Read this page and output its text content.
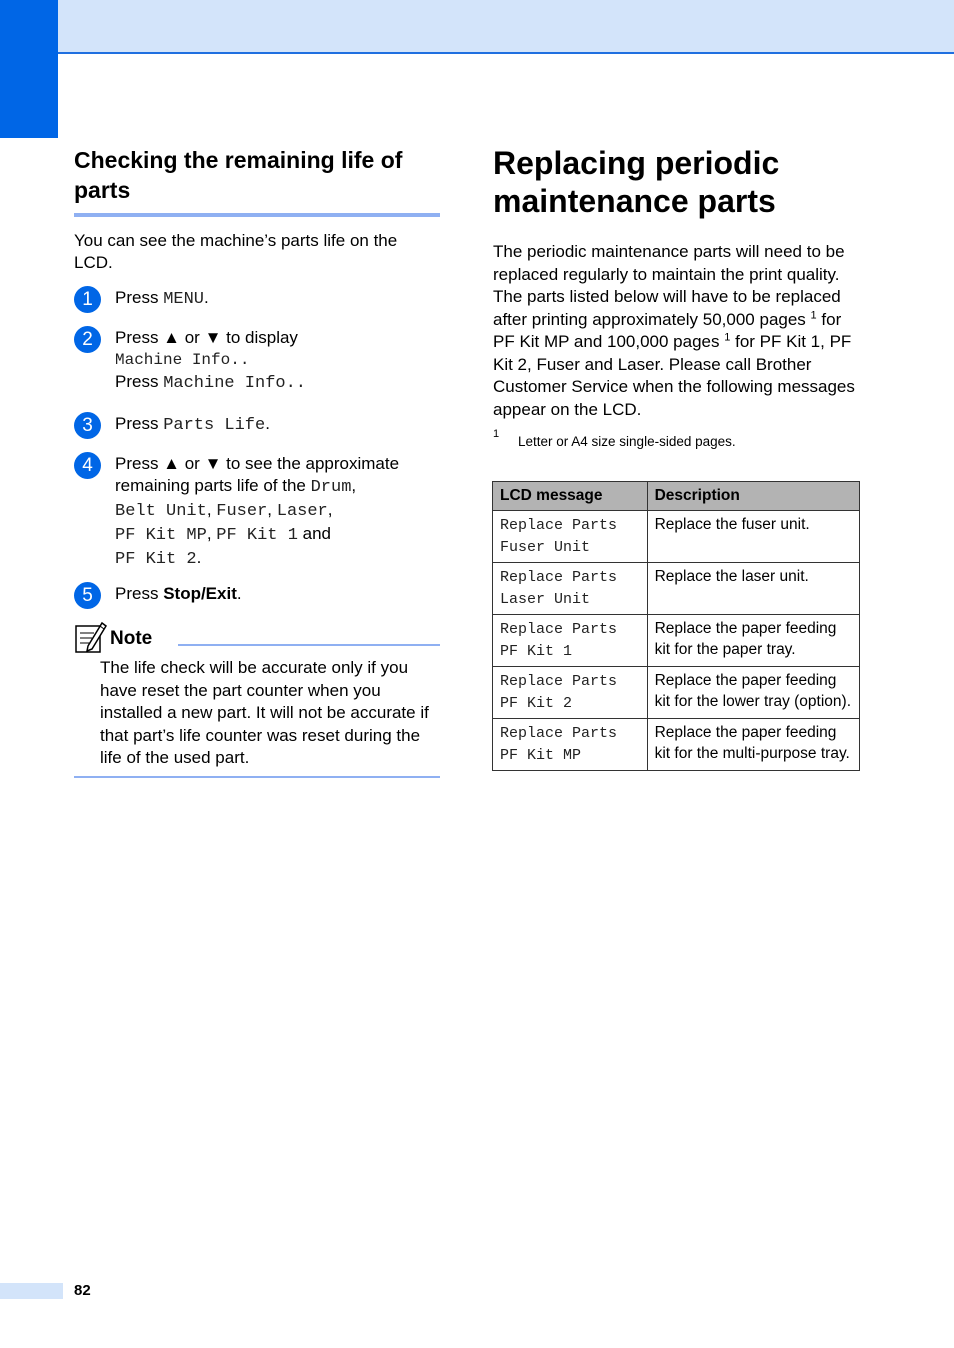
Checking the remaining life of parts
You can see the machine’s parts life on the LCD.
1	Press MENU.
2	Press ▲ or ▼ to display
Machine Info..
Press Machine Info..
3	Press Parts Life.
4	Press ▲ or ▼ to see the approximate remaining parts life of the Drum,
Belt Unit, Fuser, Laser,
PF Kit MP, PF Kit 1 and
PF Kit 2.
5	Press Stop/Exit.
Note
The life check will be accurate only if you have reset the part counter when you installed a new part. It will not be accurate if that part’s life counter was reset during the life of the used part.
Replacing periodic maintenance parts
The periodic maintenance parts will need to be replaced regularly to maintain the print quality. The parts listed below will have to be replaced after printing approximately 50,000 pages $^1$ for PF Kit MP and 100,000 pages $^1$ for PF Kit 1, PF Kit 2, Fuser and Laser. Please call Brother Customer Service when the following messages appear on the LCD.
1 Letter or A4 size single-sided pages.
LCD message	Description
Replace Parts
Fuser Unit	Replace the fuser unit.
Replace Parts
Laser Unit	Replace the laser unit.
Replace Parts
PF Kit 1	Replace the paper feeding kit for the paper tray.
Replace Parts
PF Kit 2	Replace the paper feeding kit for the lower tray (option).
Replace Parts
PF Kit MP	Replace the paper feeding kit for the multi-purpose tray.
82
